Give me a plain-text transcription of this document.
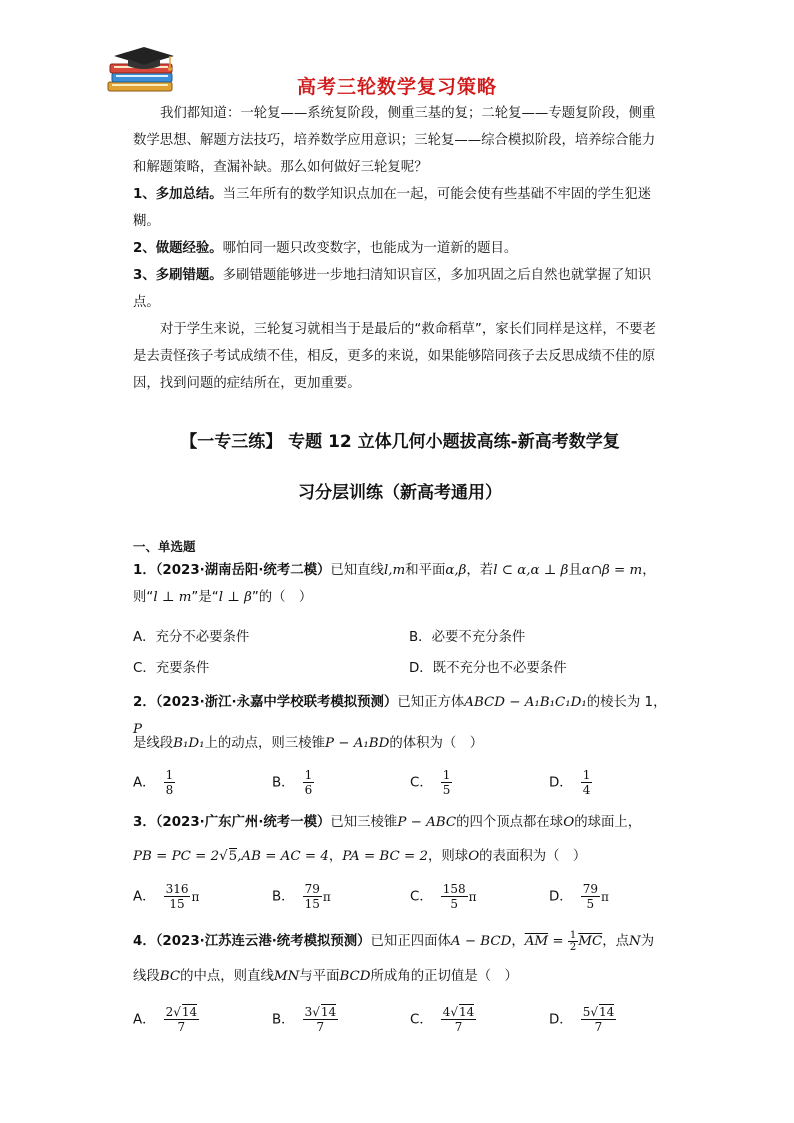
高考三轮数学复习策略
我们都知道：一轮复——系统复阶段，侧重三基的复；二轮复——专题复阶段，侧重数学思想、解题方法技巧，培养数学应用意识；三轮复——综合模拟阶段，培养综合能力和解题策略，查漏补缺。那么如何做好三轮复呢？
1、多加总结。当三年所有的数学知识点加在一起，可能会使有些基础不牢固的学生犯迷糊。
2、做题经验。哪怕同一题只改变数字，也能成为一道新的题目。
3、多刷错题。多刷错题能够进一步地扫清知识盲区，多加巩固之后自然也就掌握了知识点。
对于学生来说，三轮复习就相当于是最后的“救命稻草”，家长们同样是这样，不要老是去责怪孩子考试成绩不佳，相反，更多的来说，如果能够陪同孩子去反思成绩不佳的原因，找到问题的症结所在，更加重要。
【一专三练】 专题 12 立体几何小题拔高练-新高考数学复
习分层训练（新高考通用）
一、单选题
1．（2023·湖南岳阳·统考二模）已知直线l,m和平面α,β，若l ⊂ α,α ⊥ β且α∩β = m，
则“l ⊥ m”是“l ⊥ β”的（　）
A．充分不必要条件	B．必要不充分条件
C．充要条件	D．既不充分也不必要条件
2．（2023·浙江·永嘉中学校联考模拟预测）已知正方体ABCD − A₁B₁C₁D₁的棱长为 1，P
是线段B₁D₁上的动点，则三棱锥P − A₁BD的体积为（　）
A． $\frac{1}{8}$	B． $\frac{1}{6}$	C． $\frac{1}{5}$	D． $\frac{1}{4}$
3．（2023·广东广州·统考一模）已知三棱锥P − ABC的四个顶点都在球O的球面上，
PB = PC = 2√5,AB = AC = 4，PA = BC = 2，则球O的表面积为（　）
A． $\frac{316}{15}$ π	B． $\frac{79}{15}$ π	C． $\frac{158}{5}$ π	D． $\frac{79}{5}$ π
4．（2023·江苏连云港·统考模拟预测）已知正四面体A − BCD，$\overline{AM} = \frac{1}{2} \overline{MC}$，点N为
线段BC的中点，则直线MN与平面BCD所成角的正切值是（　）
A． $\frac{2√14}{7}$	B． $\frac{3√14}{7}$	C． $\frac{4√14}{7}$	D． $\frac{5√14}{7}$
